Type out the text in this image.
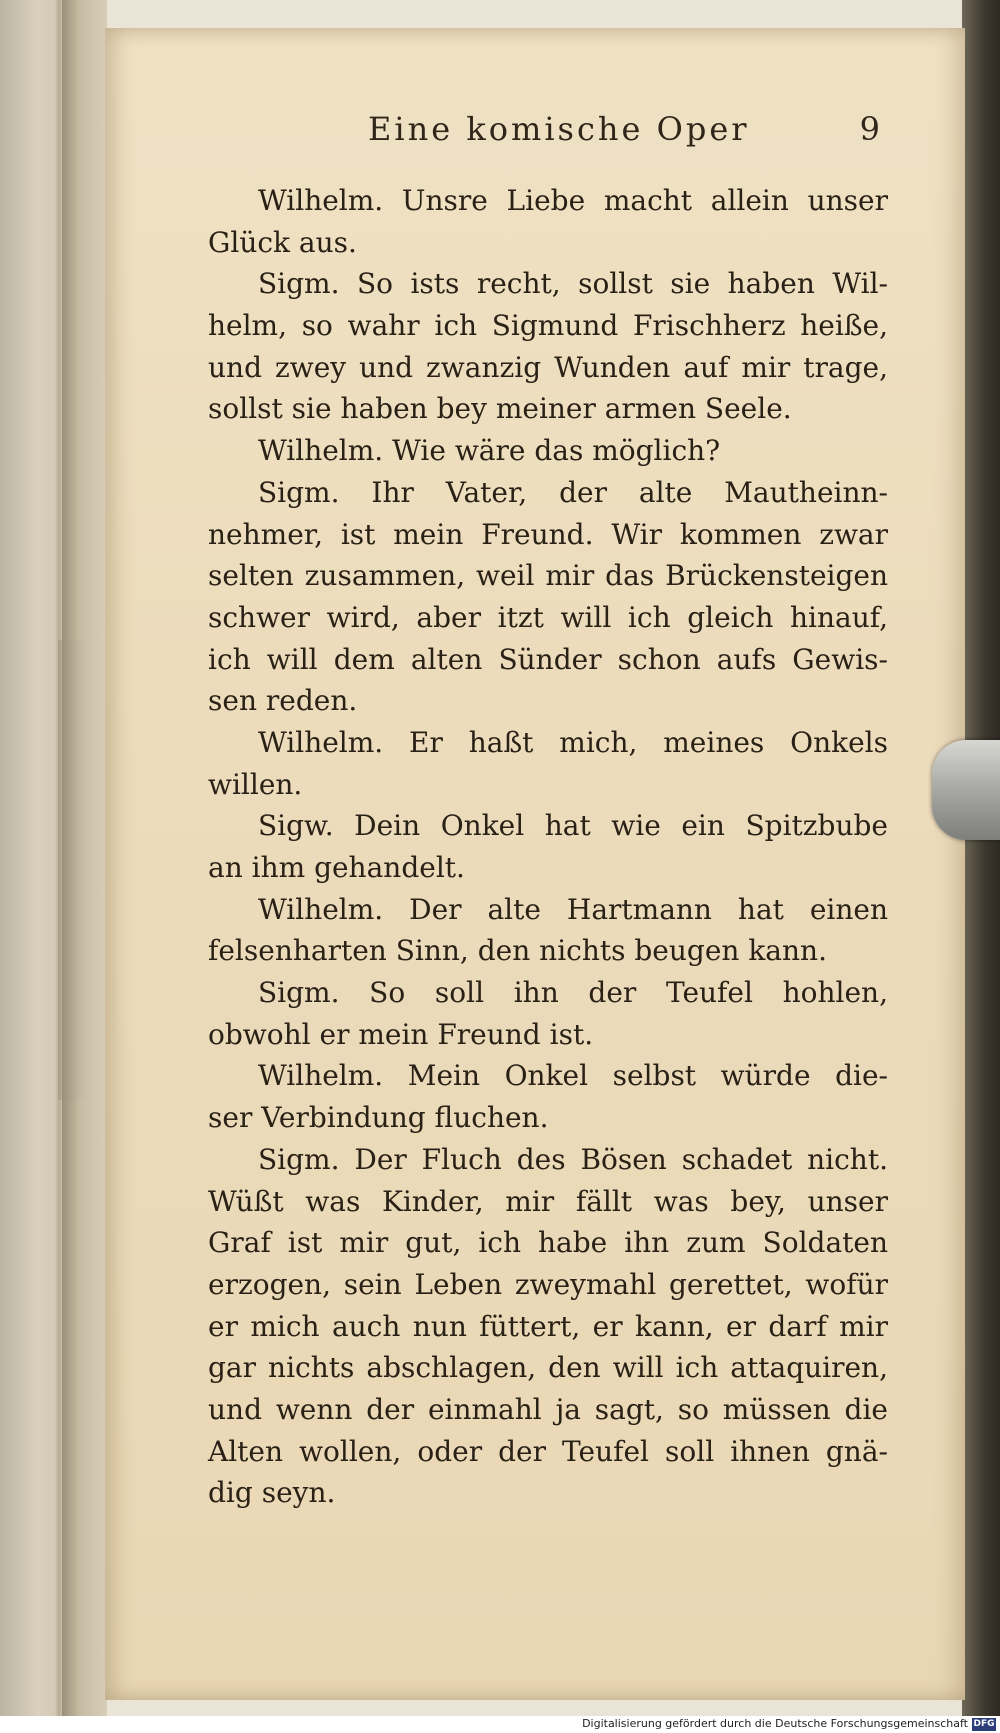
Eine komische Oper	9
Wilhelm. Unsre Liebe macht allein unser
Glück aus.
Sigm. So ists recht, sollst sie haben Wil-
helm, so wahr ich Sigmund Frischherz heiße,
und zwey und zwanzig Wunden auf mir trage,
sollst sie haben bey meiner armen Seele.
Wilhelm. Wie wäre das möglich?
Sigm. Ihr Vater, der alte Mautheinn-
nehmer, ist mein Freund. Wir kommen zwar
selten zusammen, weil mir das Brückensteigen
schwer wird, aber itzt will ich gleich hinauf,
ich will dem alten Sünder schon aufs Gewis-
sen reden.
Wilhelm. Er haßt mich, meines Onkels
willen.
Sigw. Dein Onkel hat wie ein Spitzbube
an ihm gehandelt.
Wilhelm. Der alte Hartmann hat einen
felsenharten Sinn, den nichts beugen kann.
Sigm. So soll ihn der Teufel hohlen,
obwohl er mein Freund ist.
Wilhelm. Mein Onkel selbst würde die-
ser Verbindung fluchen.
Sigm. Der Fluch des Bösen schadet nicht.
Wüßt was Kinder, mir fällt was bey, unser
Graf ist mir gut, ich habe ihn zum Soldaten
erzogen, sein Leben zweymahl gerettet, wofür
er mich auch nun füttert, er kann, er darf mir
gar nichts abschlagen, den will ich attaquiren,
und wenn der einmahl ja sagt, so müssen die
Alten wollen, oder der Teufel soll ihnen gnä-
dig seyn.
Digitalisierung gefördert durch die Deutsche Forschungsgemeinschaft DFG
